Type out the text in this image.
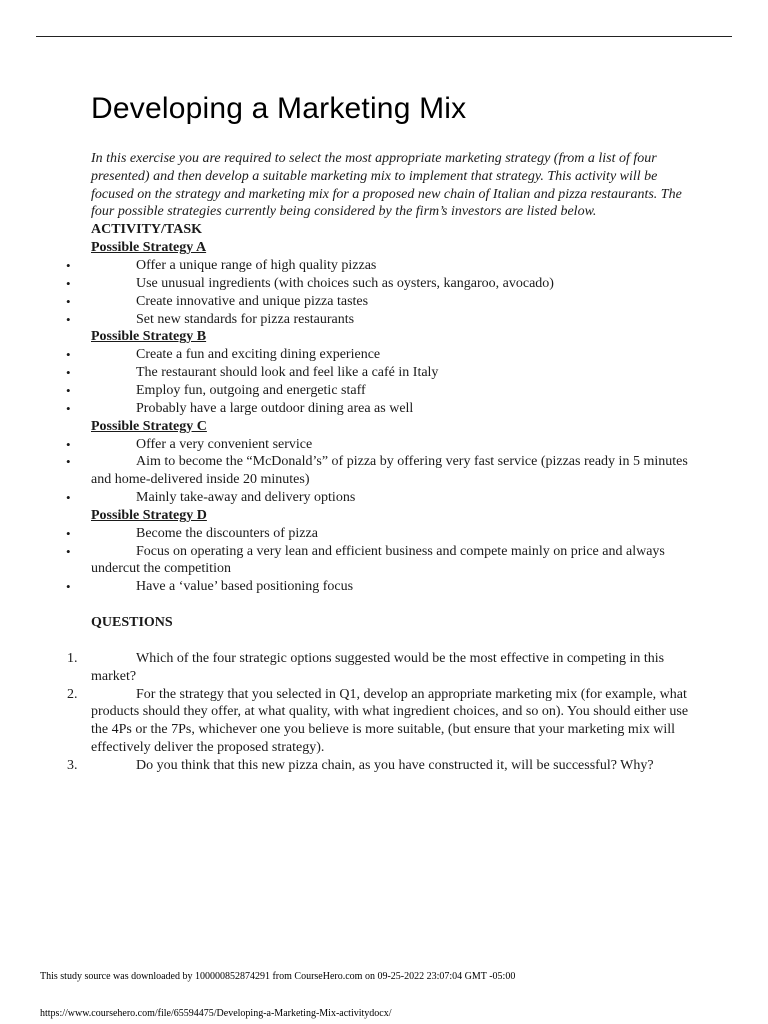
Developing a Marketing Mix

In this exercise you are required to select the most appropriate marketing strategy (from a list of four presented) and then develop a suitable marketing mix to implement that strategy. This activity will be focused on the strategy and marketing mix for a proposed new chain of Italian and pizza restaurants. The four possible strategies currently being considered by the firm’s investors are listed below.

ACTIVITY/TASK

Possible Strategy A

•	Offer a unique range of high quality pizzas
•	Use unusual ingredients (with choices such as oysters, kangaroo, avocado)
•	Create innovative and unique pizza tastes
•	Set new standards for pizza restaurants

Possible Strategy B

•	Create a fun and exciting dining experience
•	The restaurant should look and feel like a café in Italy
•	Employ fun, outgoing and energetic staff
•	Probably have a large outdoor dining area as well

Possible Strategy C

•	Offer a very convenient service
•	Aim to become the “McDonald’s” of pizza by offering very fast service (pizzas ready in 5 minutes and home-delivered inside 20 minutes)
•	Mainly take-away and delivery options

Possible Strategy D

•	Become the discounters of pizza
•	Focus on operating a very lean and efficient business and compete mainly on price and always undercut the competition
•	Have a ‘value’ based positioning focus

QUESTIONS

1.	Which of the four strategic options suggested would be the most effective in competing in this market?
2.	For the strategy that you selected in Q1, develop an appropriate marketing mix (for example, what products should they offer, at what quality, with what ingredient choices, and so on). You should either use the 4Ps or the 7Ps, whichever one you believe is more suitable, (but ensure that your marketing mix will effectively deliver the proposed strategy).
3.	Do you think that this new pizza chain, as you have constructed it, will be successful? Why?
This study source was downloaded by 100000852874291 from CourseHero.com on 09-25-2022 23:07:04 GMT -05:00
https://www.coursehero.com/file/65594475/Developing-a-Marketing-Mix-activitydocx/
